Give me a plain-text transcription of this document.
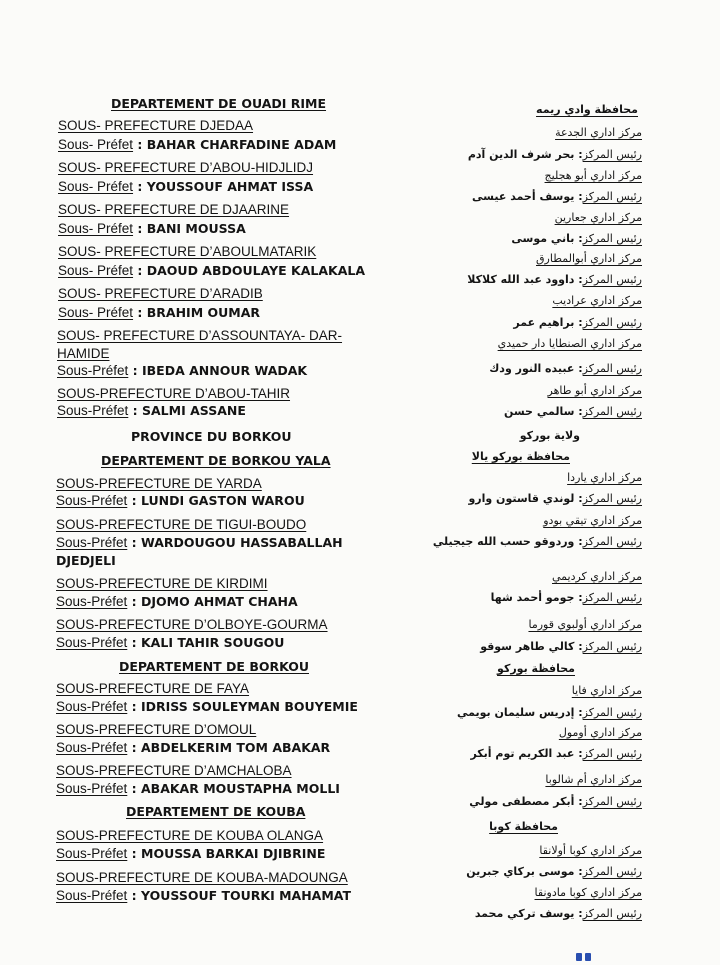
DEPARTEMENT DE OUADI RIME
SOUS- PREFECTURE DJEDAA
Sous- Préfet : BAHAR CHARFADINE ADAM
SOUS- PREFECTURE D’ABOU-HIDJLIDJ
Sous- Préfet : YOUSSOUF AHMAT ISSA
SOUS- PREFECTURE DE DJAARINE
Sous- Préfet : BANI MOUSSA
SOUS- PREFECTURE D’ABOULMATARIK
Sous- Préfet : DAOUD ABDOULAYE KALAKALA
SOUS- PREFECTURE D’ARADIB
Sous- Préfet : BRAHIM OUMAR
SOUS- PREFECTURE D’ASSOUNTAYA- DAR-
HAMIDE
Sous-Préfet : IBEDA ANNOUR WADAK
SOUS-PREFECTURE D’ABOU-TAHIR
Sous-Préfet : SALMI ASSANE
PROVINCE DU BORKOU
DEPARTEMENT DE BORKOU YALA
SOUS-PREFECTURE DE YARDA
Sous-Préfet : LUNDI GASTON WAROU
SOUS-PREFECTURE DE TIGUI-BOUDO
Sous-Préfet : WARDOUGOU HASSABALLAH
DJEDJELI
SOUS-PREFECTURE DE KIRDIMI
Sous-Préfet : DJOMO AHMAT CHAHA
SOUS-PREFECTURE D’OLBOYE-GOURMA
Sous-Préfet : KALI TAHIR SOUGOU
DEPARTEMENT DE BORKOU
SOUS-PREFECTURE DE FAYA
Sous-Préfet : IDRISS SOULEYMAN BOUYEMIE
SOUS-PREFECTURE D’OMOUL
Sous-Préfet : ABDELKERIM TOM ABAKAR
SOUS-PREFECTURE D’AMCHALOBA
Sous-Préfet : ABAKAR MOUSTAPHA MOLLI
DEPARTEMENT DE KOUBA
SOUS-PREFECTURE DE KOUBA OLANGA
Sous-Préfet : MOUSSA BARKAI DJIBRINE
SOUS-PREFECTURE DE KOUBA-MADOUNGA
Sous-Préfet : YOUSSOUF TOURKI MAHAMAT
محافظة وادي ريمه
مركز اداري الجدعة
رئيس المركز: بحر شرف الدين آدم
مركز اداري أبو هجليج
رئيس المركز: يوسف أحمد عيسى
مركز اداري جعارين
رئيس المركز: باني موسى
مركز اداري أبوالمطارق
رئيس المركز: داوود عبد الله كلاكلا
مركز اداري عراديب
رئيس المركز: براهيم عمر
مركز اداري الصنطايا دار حميدي
رئيس المركز: عبيده النور ودك
مركز اداري أبو طاهر
رئيس المركز: سالمي حسن
ولاية بوركو
محافظة بوركو يالا
مركز اداري ياردا
رئيس المركز: لوندي قاستون وارو
مركز اداري تيقي بودو
رئيس المركز: وردوقو حسب الله جيجيلي
مركز اداري كرديمي
رئيس المركز: جومو أحمد شها
مركز اداري أولبوي قورما
رئيس المركز: كالي طاهر سوقو
محافظة بوركو
مركز اداري فايا
رئيس المركز: إدريس سليمان بويمي
مركز اداري أومول
رئيس المركز: عبد الكريم توم أبكر
مركز اداري أم شالوبا
رئيس المركز: أبكر مصطفى مولي
محافظة كوبا
مركز اداري كوبا أولانقا
رئيس المركز: موسى بركاي جبرين
مركز اداري كوبا مادونقا
رئيس المركز: يوسف تركي محمد
